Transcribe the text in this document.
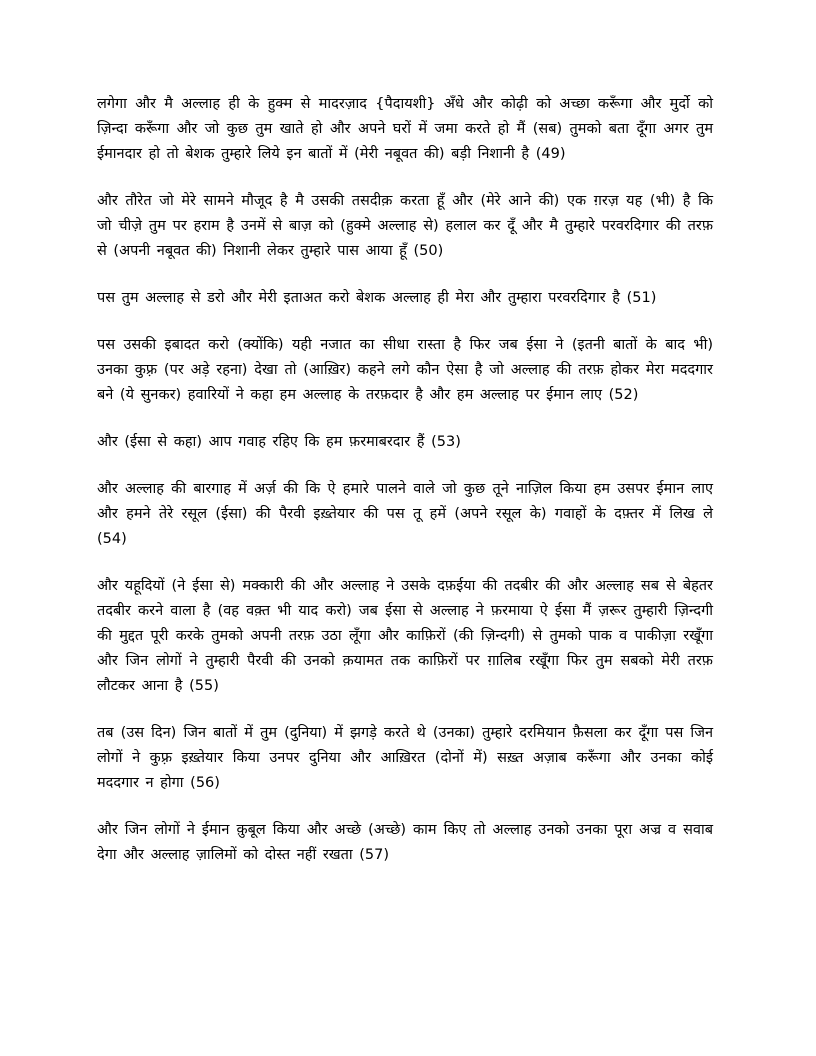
लगेगा और मै अल्लाह ही के हुक्म से मादरज़ाद {पैदायशी} अँधे और कोढ़ी को अच्छा करूँगा और मुर्दो को ज़िन्दा करूँगा और जो कुछ तुम खाते हो और अपने घरों में जमा करते हो मैं (सब) तुमको बता दूँगा अगर तुम ईमानदार हो तो बेशक तुम्हारे लिये इन बातों में (मेरी नबूवत की) बड़ी निशानी है (49)

और तौरेत जो मेरे सामने मौजूद है मै उसकी तसदीक़ करता हूँ और (मेरे आने की) एक ग़रज़ यह (भी) है कि जो चीजे़ तुम पर हराम है उनमें से बाज़ को (हुक्मे अल्लाह से) हलाल कर दूँ और मै तुम्हारे परवरदिगार की तरफ़ से (अपनी नबूवत की) निशानी लेकर तुम्हारे पास आया हूँ (50)

पस तुम अल्लाह से डरो और मेरी इताअत करो बेशक अल्लाह ही मेरा और तुम्हारा परवरदिगार है (51)

पस उसकी इबादत करो (क्योंकि) यही नजात का सीधा रास्ता है फिर जब ईसा ने (इतनी बातों के बाद भी) उनका कुफ़्र (पर अड़े रहना) देखा तो (आख़िर) कहने लगे कौन ऐसा है जो अल्लाह की तरफ़ होकर मेरा मददगार बने (ये सुनकर) हवारियों ने कहा हम अल्लाह के तरफ़दार है और हम अल्लाह पर ईमान लाए (52)

और (ईसा से कहा) आप गवाह रहिए कि हम फ़रमाबरदार हैं (53)

और अल्लाह की बारगाह में अर्ज़ की कि ऐ हमारे पालने वाले जो कुछ तूने नाज़िल किया हम उसपर ईमान लाए और हमने तेरे रसूल (ईसा) की पैरवी इख़्तेयार की पस तू हमें (अपने रसूल के) गवाहों के दफ़्तर में लिख ले (54)

और यहूदियों (ने ईसा से) मक्कारी की और अल्लाह ने उसके दफ़ईया की तदबीर की और अल्लाह सब से बेहतर तदबीर करने वाला है (वह वक़्त भी याद करो) जब ईसा से अल्लाह ने फ़रमाया ऐ ईसा मैं ज़रूर तुम्हारी ज़िन्दगी की मुद्दत पूरी करके तुमको अपनी तरफ़ उठा लूँगा और काफ़िरों (की ज़िन्दगी) से तुमको पाक व पाकीज़ा रखूँगा और जिन लोगों ने तुम्हारी पैरवी की उनको क़यामत तक काफ़िरों पर ग़ालिब रखूँगा फिर तुम सबको मेरी तरफ़ लौटकर आना है (55)

तब (उस दिन) जिन बातों में तुम (दुनिया) में झगडे़ करते थे (उनका) तुम्हारे दरमियान फ़ैसला कर दूँगा पस जिन लोगों ने कुफ़्र इख़्तेयार किया उनपर दुनिया और आख़िरत (दोनों में) सख़्त अज़ाब करूँगा और उनका कोई मददगार न होगा (56)

और जिन लोगों ने ईमान क़ुबूल किया और अच्छे (अच्छे) काम किए तो अल्लाह उनको उनका पूरा अज्र व सवाब देगा और अल्लाह ज़ालिमों को दोस्त नहीं रखता (57)
